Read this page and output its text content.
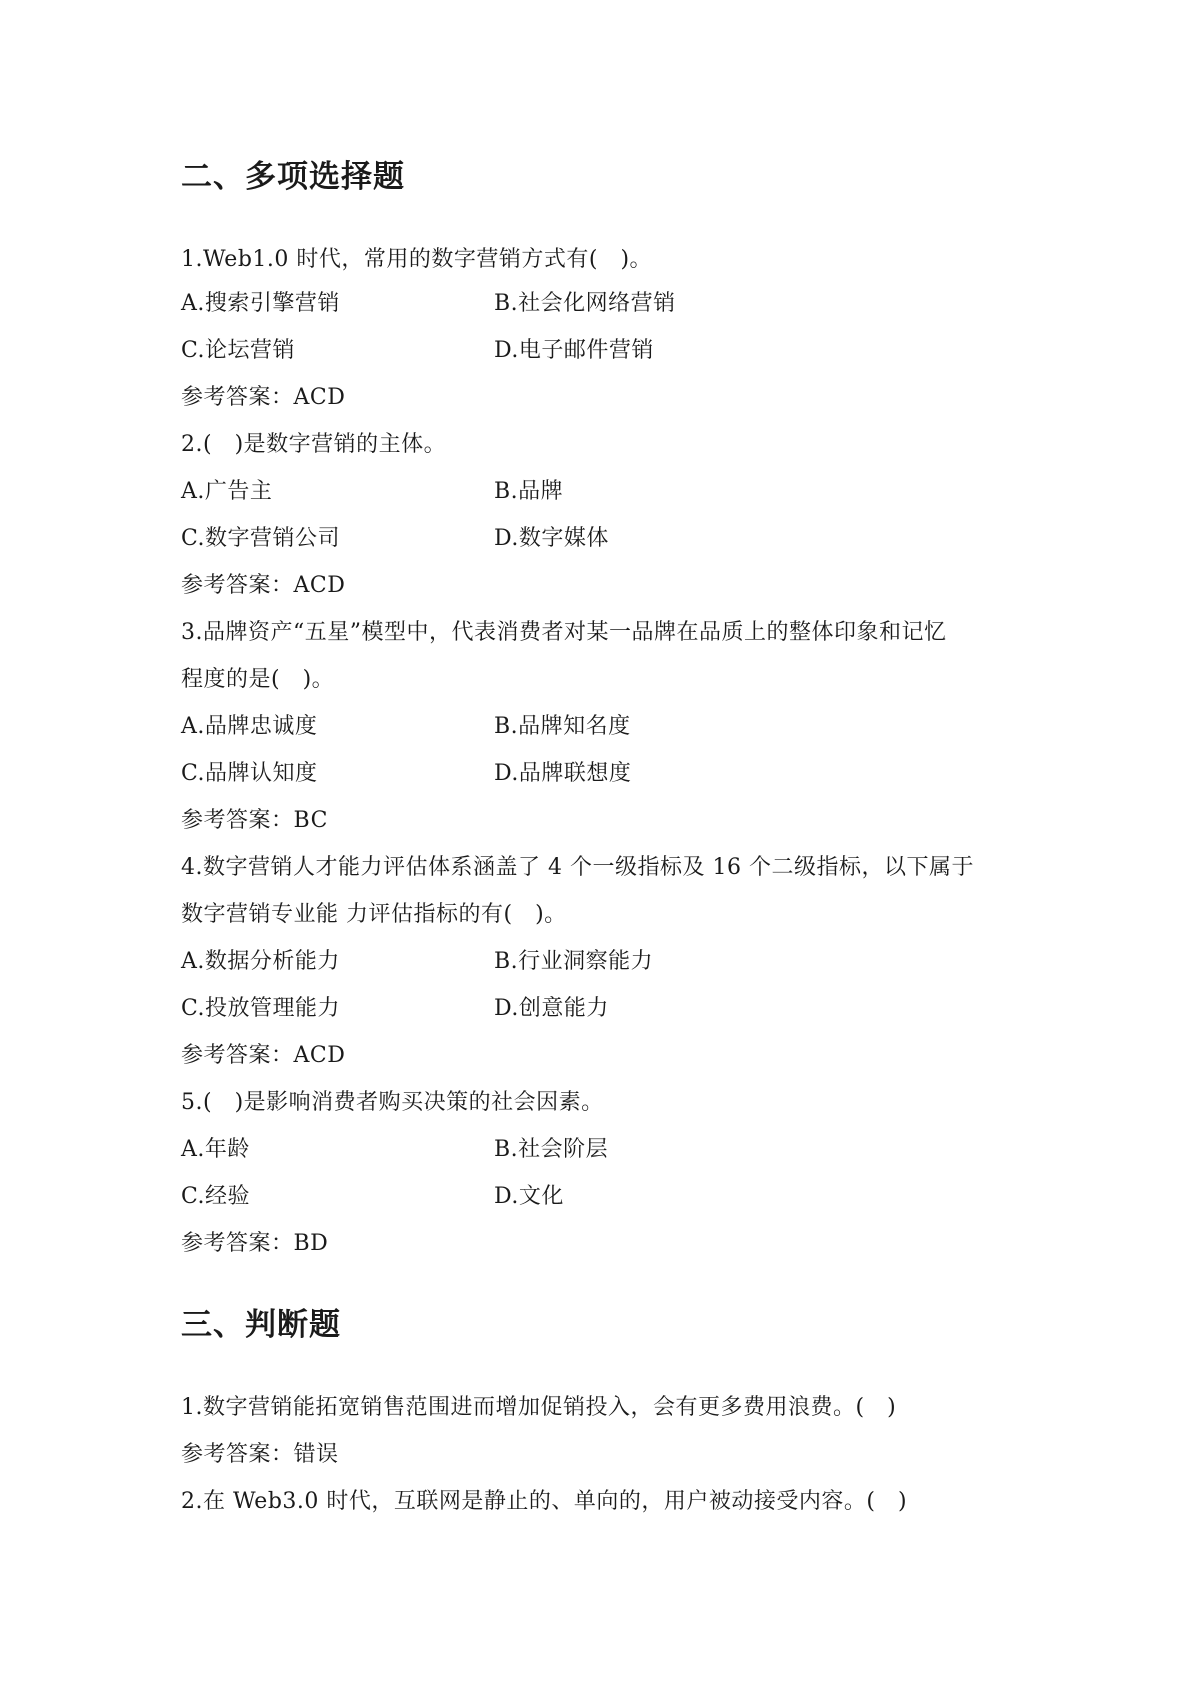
二、多项选择题
1.Web1.0 时代，常用的数字营销方式有(　)。
A.搜索引擎营销	B.社会化网络营销
C.论坛营销	D.电子邮件营销
参考答案：ACD
2.(　)是数字营销的主体。
A.广告主	B.品牌
C.数字营销公司	D.数字媒体
参考答案：ACD
3.品牌资产“五星”模型中，代表消费者对某一品牌在品质上的整体印象和记忆
程度的是(　)。
A.品牌忠诚度	B.品牌知名度
C.品牌认知度	D.品牌联想度
参考答案：BC
4.数字营销人才能力评估体系涵盖了 4 个一级指标及 16 个二级指标，以下属于
数字营销专业能 力评估指标的有(　)。
A.数据分析能力	B.行业洞察能力
C.投放管理能力	D.创意能力
参考答案：ACD
5.(　)是影响消费者购买决策的社会因素。
A.年龄	B.社会阶层
C.经验	D.文化
参考答案：BD
三、判断题
1.数字营销能拓宽销售范围进而增加促销投入，会有更多费用浪费。(　)
参考答案：错误
2.在 Web3.0 时代，互联网是静止的、单向的，用户被动接受内容。(　)
